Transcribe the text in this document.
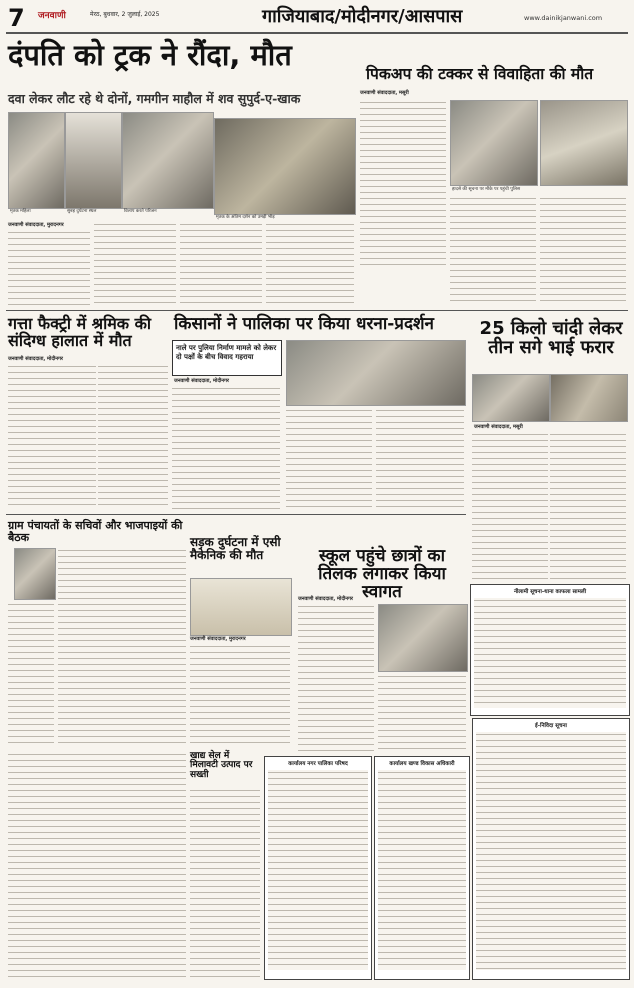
7 जनवाणी	मेरठ, बुधवार, 2 जुलाई, 2025	गाजियाबाद/मोदीनगर/आसपास	www.dainikjanwani.com
दंपति को ट्रक ने रौंदा, मौत
दवा लेकर लौट रहे थे दोनों, गमगीन माहौल में शव सुपुर्द-ए-खाक
मृतक महिला	सुबह दुर्घटना स्थल	विलाप करते परिजन
मृतक के अंतिम दर्शन को उमड़ी भीड़
जनवाणी संवाददाता, मुरादनगर
पिकअप की टक्कर से विवाहिता की मौत
जनवाणी संवाददाता, मसूरी
हादसे की सूचना पर मौके पर पहुंची पुलिस
गत्ता फैक्ट्री में श्रमिक की संदिग्ध हालात में मौत
जनवाणी संवाददाता, मोदीनगर
किसानों ने पालिका पर किया धरना-प्रदर्शन
नाले पर पुलिया निर्माण मामले को लेकर दो पक्षों के बीच विवाद गहराया
जनवाणी संवाददाता, मोदीनगर
25 किलो चांदी लेकर तीन सगे भाई फरार
जनवाणी संवाददाता, मसूरी
ग्राम पंचायतों के सचिवों और भाजपाइयों की बैठक	सड़क दुर्घटना में एसी मैकेनिक की मौत
जनवाणी संवाददाता, मुरादनगर
स्कूल पहुंचे छात्रों का तिलक लगाकर किया स्वागत
जनवाणी संवाददाता, मोदीनगर
नीलामी सूचना-थाना काफला सामली
खाद्य सेल में मिलावटी उत्पाद पर सख्ती
कार्यालय नगर पालिका परिषद	कार्यालय खण्ड विकास अधिकारी
ई-निविदा सूचना
